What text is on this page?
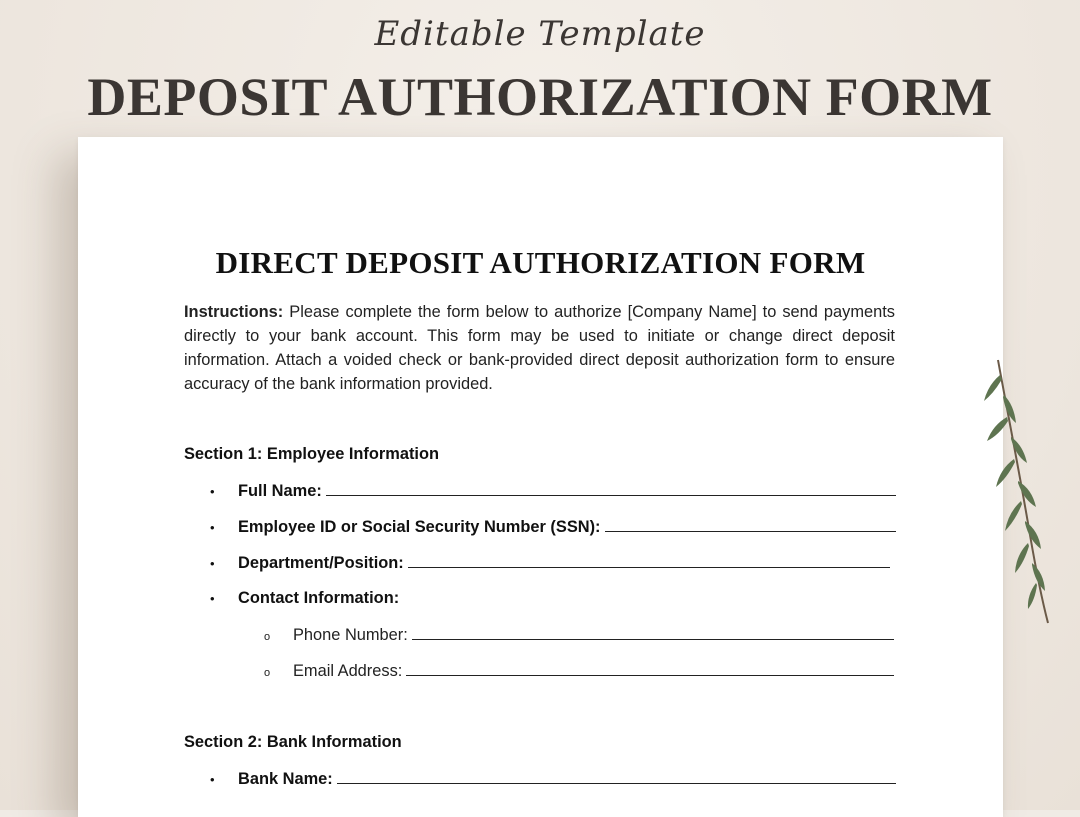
Editable Template
DEPOSIT AUTHORIZATION FORM
DIRECT DEPOSIT AUTHORIZATION FORM
Instructions: Please complete the form below to authorize [Company Name] to send payments directly to your bank account. This form may be used to initiate or change direct deposit information. Attach a voided check or bank-provided direct deposit authorization form to ensure accuracy of the bank information provided.
Section 1: Employee Information
•	Full Name:
•	Employee ID or Social Security Number (SSN):
•	Department/Position:
•	Contact Information:
o	Phone Number:
o	Email Address:
Section 2: Bank Information
•	Bank Name:
